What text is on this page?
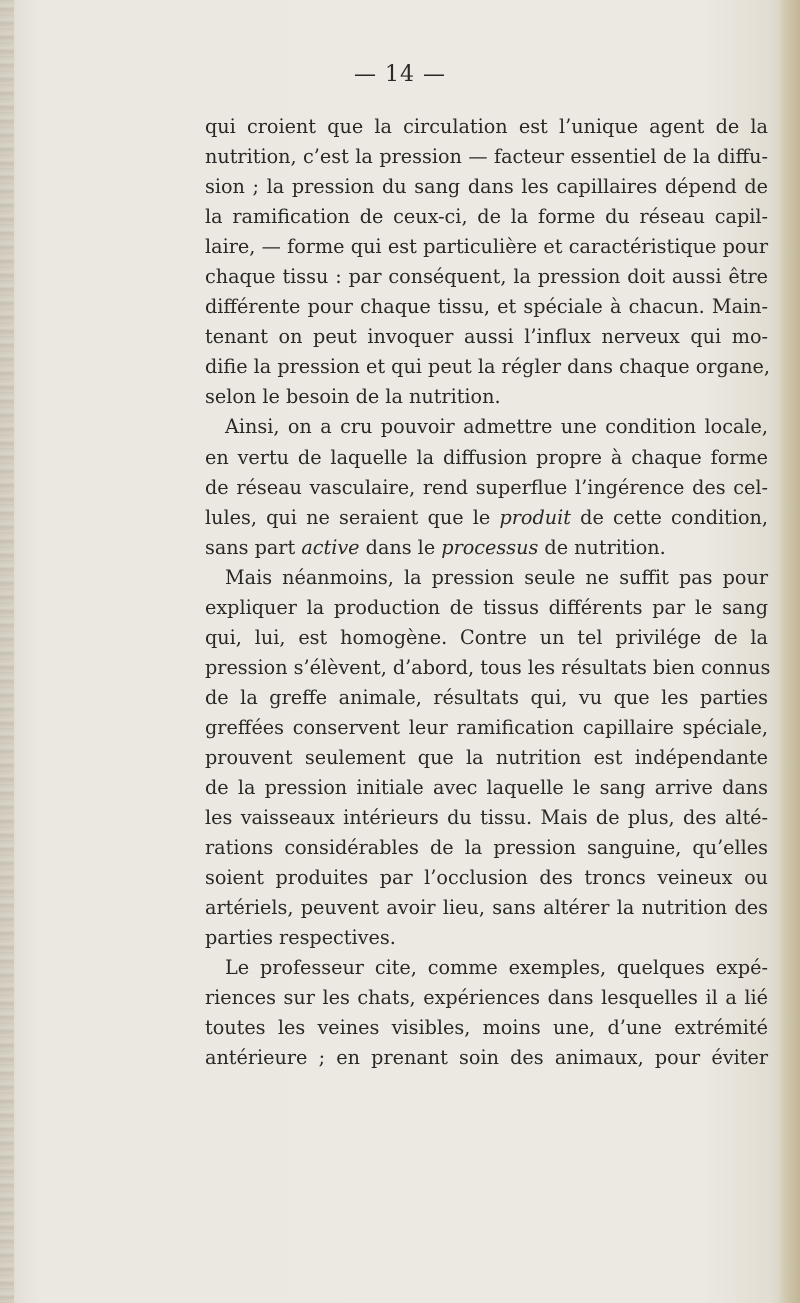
— 14 —
qui croient que la circulation est l’unique agent de la
nutrition, c’est la pression — facteur essentiel de la diffu-
sion ; la pression du sang dans les capillaires dépend de
la ramification de ceux-ci, de la forme du réseau capil-
laire, — forme qui est particulière et caractéristique pour
chaque tissu : par conséquent, la pression doit aussi être
différente pour chaque tissu, et spéciale à chacun. Main-
tenant on peut invoquer aussi l’influx nerveux qui mo-
difie la pression et qui peut la régler dans chaque organe,
selon le besoin de la nutrition.
Ainsi, on a cru pouvoir admettre une condition locale,
en vertu de laquelle la diffusion propre à chaque forme
de réseau vasculaire, rend superflue l’ingérence des cel-
lules, qui ne seraient que le produit de cette condition,
sans part active dans le processus de nutrition.
Mais néanmoins, la pression seule ne suffit pas pour
expliquer la production de tissus différents par le sang
qui, lui, est homogène. Contre un tel privilége de la
pression s’élèvent, d’abord, tous les résultats bien connus
de la greffe animale, résultats qui, vu que les parties
greffées conservent leur ramification capillaire spéciale,
prouvent seulement que la nutrition est indépendante
de la pression initiale avec laquelle le sang arrive dans
les vaisseaux intérieurs du tissu. Mais de plus, des alté-
rations considérables de la pression sanguine, qu’elles
soient produites par l’occlusion des troncs veineux ou
artériels, peuvent avoir lieu, sans altérer la nutrition des
parties respectives.
Le professeur cite, comme exemples, quelques expé-
riences sur les chats, expériences dans lesquelles il a lié
toutes les veines visibles, moins une, d’une extrémité
antérieure ; en prenant soin des animaux, pour éviter
